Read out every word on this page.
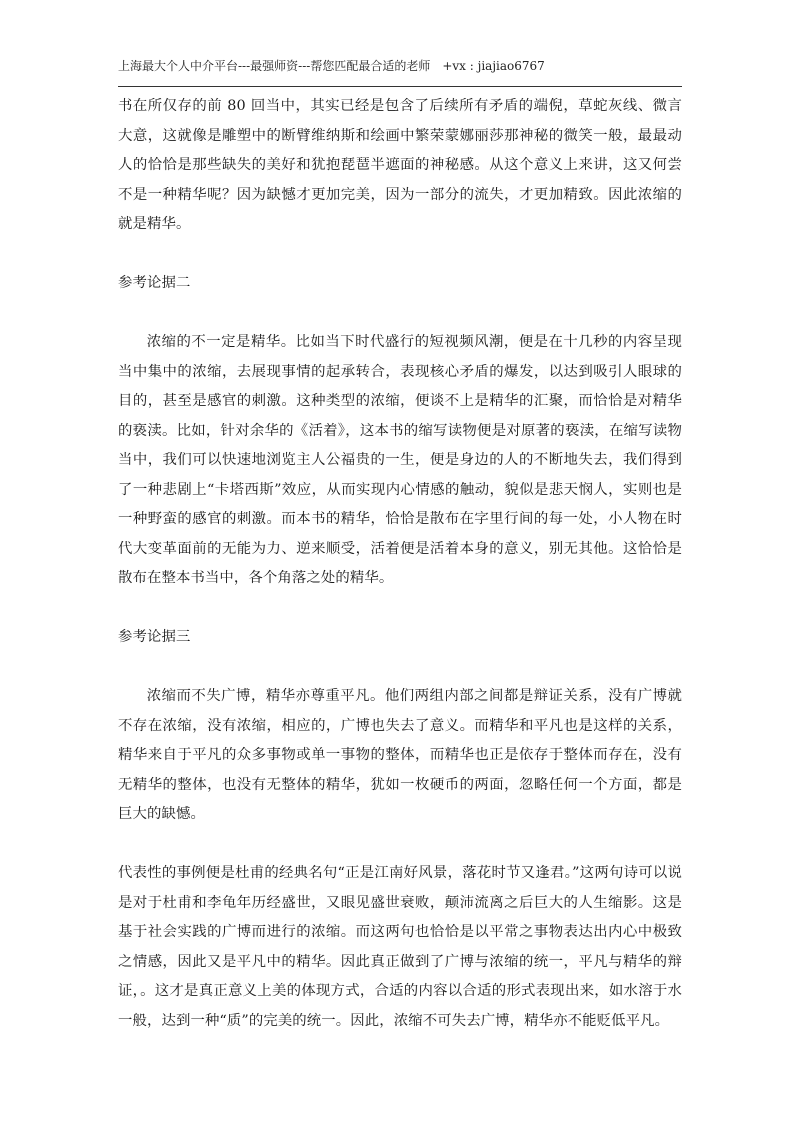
上海最大个人中介平台---最强师资---帮您匹配最合适的老师　+vx : jiajiao6767

书在所仅存的前 80 回当中，其实已经是包含了后续所有矛盾的端倪，草蛇灰线、微言大意，这就像是雕塑中的断臂维纳斯和绘画中繁荣蒙娜丽莎那神秘的微笑一般，最最动人的恰恰是那些缺失的美好和犹抱琵琶半遮面的神秘感。从这个意义上来讲，这又何尝不是一种精华呢？因为缺憾才更加完美，因为一部分的流失，才更加精致。因此浓缩的就是精华。

参考论据二

浓缩的不一定是精华。比如当下时代盛行的短视频风潮，便是在十几秒的内容呈现当中集中的浓缩，去展现事情的起承转合，表现核心矛盾的爆发，以达到吸引人眼球的目的，甚至是感官的刺激。这种类型的浓缩，便谈不上是精华的汇聚，而恰恰是对精华的亵渎。比如，针对余华的《活着》，这本书的缩写读物便是对原著的亵渎，在缩写读物当中，我们可以快速地浏览主人公福贵的一生，便是身边的人的不断地失去，我们得到了一种悲剧上“卡塔西斯”效应，从而实现内心情感的触动，貌似是悲天悯人，实则也是一种野蛮的感官的刺激。而本书的精华，恰恰是散布在字里行间的每一处，小人物在时代大变革面前的无能为力、逆来顺受，活着便是活着本身的意义，别无其他。这恰恰是散布在整本书当中，各个角落之处的精华。

参考论据三

浓缩而不失广博，精华亦尊重平凡。他们两组内部之间都是辩证关系，没有广博就不存在浓缩，没有浓缩，相应的，广博也失去了意义。而精华和平凡也是这样的关系，精华来自于平凡的众多事物或单一事物的整体，而精华也正是依存于整体而存在，没有无精华的整体，也没有无整体的精华，犹如一枚硬币的两面，忽略任何一个方面，都是巨大的缺憾。

代表性的事例便是杜甫的经典名句“正是江南好风景，落花时节又逢君。”这两句诗可以说是对于杜甫和李龟年历经盛世，又眼见盛世衰败，颠沛流离之后巨大的人生缩影。这是基于社会实践的广博而进行的浓缩。而这两句也恰恰是以平常之事物表达出内心中极致之情感，因此又是平凡中的精华。因此真正做到了广博与浓缩的统一，平凡与精华的辩证，。这才是真正意义上美的体现方式，合适的内容以合适的形式表现出来，如水溶于水一般，达到一种“质”的完美的统一。因此，浓缩不可失去广博，精华亦不能贬低平凡。
